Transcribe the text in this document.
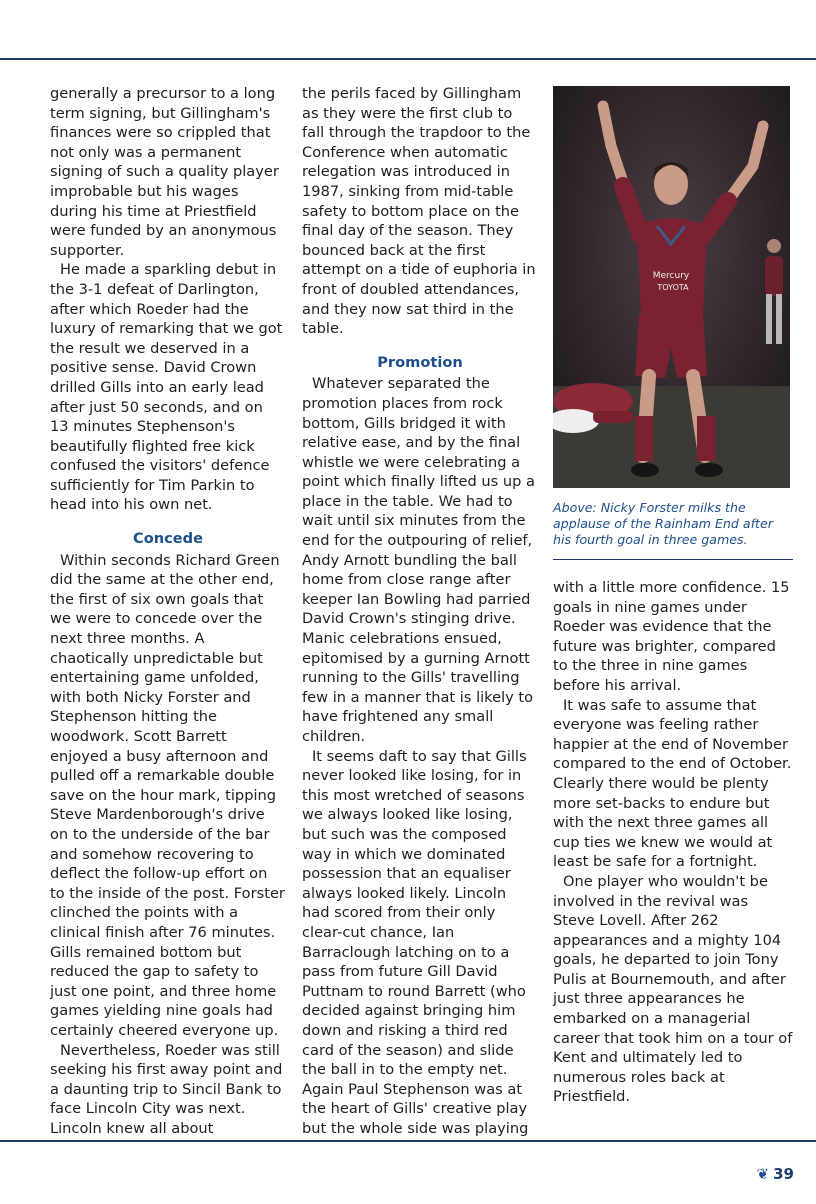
generally a precursor to a long term signing, but Gillingham's finances were so crippled that not only was a permanent signing of such a quality player improbable but his wages during his time at Priestfield were funded by an anonymous supporter.

He made a sparkling debut in the 3-1 defeat of Darlington, after which Roeder had the luxury of remarking that we got the result we deserved in a positive sense. David Crown drilled Gills into an early lead after just 50 seconds, and on 13 minutes Stephenson's beautifully flighted free kick confused the visitors' defence sufficiently for Tim Parkin to head into his own net.

Concede

Within seconds Richard Green did the same at the other end, the first of six own goals that we were to concede over the next three months. A chaotically unpredictable but entertaining game unfolded, with both Nicky Forster and Stephenson hitting the woodwork. Scott Barrett enjoyed a busy afternoon and pulled off a remarkable double save on the hour mark, tipping Steve Mardenborough's drive on to the underside of the bar and somehow recovering to deflect the follow-up effort on to the inside of the post. Forster clinched the points with a clinical finish after 76 minutes. Gills remained bottom but reduced the gap to safety to just one point, and three home games yielding nine goals had certainly cheered everyone up.

Nevertheless, Roeder was still seeking his first away point and a daunting trip to Sincil Bank to face Lincoln City was next. Lincoln knew all about

the perils faced by Gillingham as they were the first club to fall through the trapdoor to the Conference when automatic relegation was introduced in 1987, sinking from mid-table safety to bottom place on the final day of the season. They bounced back at the first attempt on a tide of euphoria in front of doubled attendances, and they now sat third in the table.

Promotion

Whatever separated the promotion places from rock bottom, Gills bridged it with relative ease, and by the final whistle we were celebrating a point which finally lifted us up a place in the table. We had to wait until six minutes from the end for the outpouring of relief, Andy Arnott bundling the ball home from close range after keeper Ian Bowling had parried David Crown's stinging drive. Manic celebrations ensued, epitomised by a gurning Arnott running to the Gills' travelling few in a manner that is likely to have frightened any small children.

It seems daft to say that Gills never looked like losing, for in this most wretched of seasons we always looked like losing, but such was the composed way in which we dominated possession that an equaliser always looked likely. Lincoln had scored from their only clear-cut chance, Ian Barraclough latching on to a pass from future Gill David Puttnam to round Barrett (who decided against bringing him down and risking a third red card of the season) and slide the ball in to the empty net. Again Paul Stephenson was at the heart of Gills' creative play but the whole side was playing

Mercury
TOYOTA
Above: Nicky Forster milks the applause of the Rainham End after his fourth goal in three games.

with a little more confidence. 15 goals in nine games under Roeder was evidence that the future was brighter, compared to the three in nine games before his arrival.

It was safe to assume that everyone was feeling rather happier at the end of November compared to the end of October. Clearly there would be plenty more set-backs to endure but with the next three games all cup ties we knew we would at least be safe for a fortnight.

One player who wouldn't be involved in the revival was Steve Lovell. After 262 appearances and a mighty 104 goals, he departed to join Tony Pulis at Bournemouth, and after just three appearances he embarked on a managerial career that took him on a tour of Kent and ultimately led to numerous roles back at Priestfield.

❦ 39
